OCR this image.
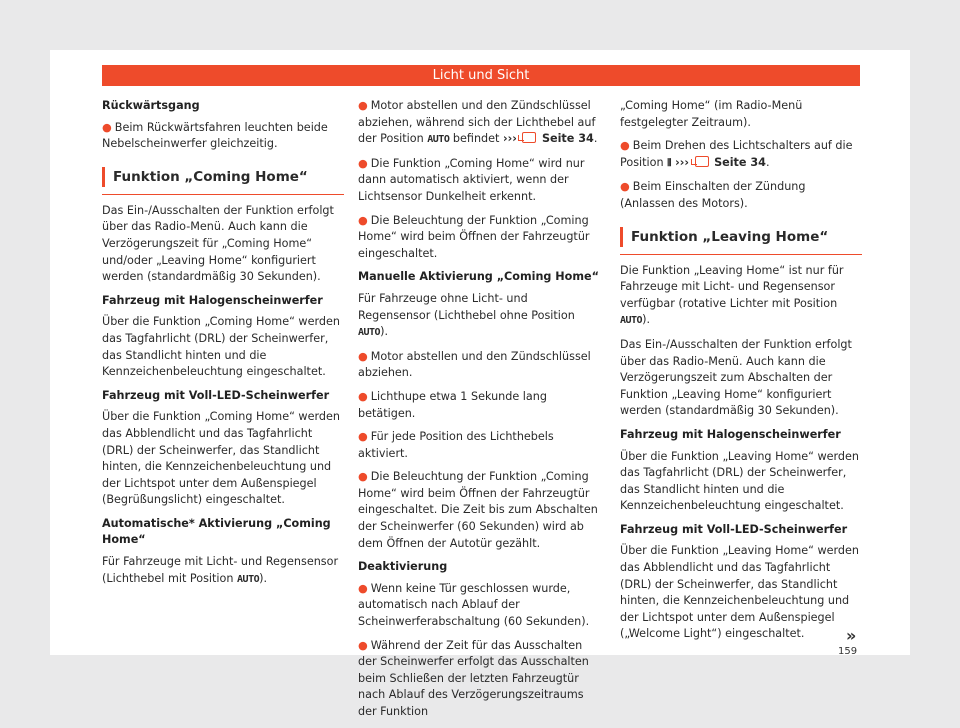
Licht und Sicht

Rückwärtsgang

● Beim Rückwärtsfahren leuchten beide Nebelscheinwerfer gleichzeitig.

Funktion „Coming Home“

Das Ein-/Ausschalten der Funktion erfolgt über das Radio-Menü. Auch kann die Verzögerungszeit für „Coming Home“ und/oder „Leaving Home“ konfiguriert werden (standardmäßig 30 Sekunden).

Fahrzeug mit Halogenscheinwerfer

Über die Funktion „Coming Home“ werden das Tagfahrlicht (DRL) der Scheinwerfer, das Standlicht hinten und die Kennzeichenbeleuchtung eingeschaltet.

Fahrzeug mit Voll-LED-Scheinwerfer

Über die Funktion „Coming Home“ werden das Abblendlicht und das Tagfahrlicht (DRL) der Scheinwerfer, das Standlicht hinten, die Kennzeichenbeleuchtung und der Lichtspot unter dem Außenspiegel (Begrüßungslicht) eingeschaltet.

Automatische* Aktivierung „Coming Home“

Für Fahrzeuge mit Licht- und Regensensor (Lichthebel mit Position AUTO).

● Motor abstellen und den Zündschlüssel abziehen, während sich der Lichthebel auf der Position AUTO befindet ››› Seite 34.

● Die Funktion „Coming Home“ wird nur dann automatisch aktiviert, wenn der Lichtsensor Dunkelheit erkennt.

● Die Beleuchtung der Funktion „Coming Home“ wird beim Öffnen der Fahrzeugtür eingeschaltet.

Manuelle Aktivierung „Coming Home“

Für Fahrzeuge ohne Licht- und Regensensor (Lichthebel ohne Position AUTO).

● Motor abstellen und den Zündschlüssel abziehen.

● Lichthupe etwa 1 Sekunde lang betätigen.

● Für jede Position des Lichthebels aktiviert.

● Die Beleuchtung der Funktion „Coming Home“ wird beim Öffnen der Fahrzeugtür eingeschaltet. Die Zeit bis zum Abschalten der Scheinwerfer (60 Sekunden) wird ab dem Öffnen der Autotür gezählt.

Deaktivierung

● Wenn keine Tür geschlossen wurde, automatisch nach Ablauf der Scheinwerferabschaltung (60 Sekunden).

● Während der Zeit für das Ausschalten der Scheinwerfer erfolgt das Ausschalten beim Schließen der letzten Fahrzeugtür nach Ablauf des Verzögerungszeitraums der Funktion

„Coming Home“ (im Radio-Menü festgelegter Zeitraum).

● Beim Drehen des Lichtschalters auf die Position ⦀ ››› Seite 34.

● Beim Einschalten der Zündung (Anlassen des Motors).

Funktion „Leaving Home“

Die Funktion „Leaving Home“ ist nur für Fahrzeuge mit Licht- und Regensensor verfügbar (rotative Lichter mit Position AUTO).

Das Ein-/Ausschalten der Funktion erfolgt über das Radio-Menü. Auch kann die Verzögerungszeit zum Abschalten der Funktion „Leaving Home“ konfiguriert werden (standardmäßig 30 Sekunden).

Fahrzeug mit Halogenscheinwerfer

Über die Funktion „Leaving Home“ werden das Tagfahrlicht (DRL) der Scheinwerfer, das Standlicht hinten und die Kennzeichenbeleuchtung eingeschaltet.

Fahrzeug mit Voll-LED-Scheinwerfer

Über die Funktion „Leaving Home“ werden das Abblendlicht und das Tagfahrlicht (DRL) der Scheinwerfer, das Standlicht hinten, die Kennzeichenbeleuchtung und der Lichtspot unter dem Außenspiegel („Welcome Light“) eingeschaltet.	»
159
